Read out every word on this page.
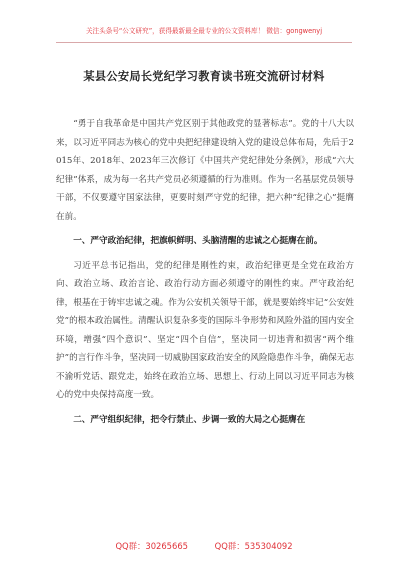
关注头条号“公文研究”，获得最新最全最专业的公文资料库！ 微信：gongwenyj
某县公安局长党纪学习教育读书班交流研讨材料

“勇于自我革命是中国共产党区别于其他政党的显著标志”。党的十八大以来，以习近平同志为核心的党中央把纪律建设纳入党的建设总体布局，先后于2015年、2018年、2023年三次修订《中国共产党纪律处分条例》，形成“六大纪律”体系，成为每一名共产党员必须遵循的行为准则。作为一名基层党员领导干部，不仅要遵守国家法律，更要时刻严守党的纪律，把六种“纪律之心”挺膺在前。

一、严守政治纪律，把旗帜鲜明、头脑清醒的忠诚之心挺膺在前。

习近平总书记指出，党的纪律是刚性约束，政治纪律更是全党在政治方向、政治立场、政治言论、政治行动方面必须遵守的刚性约束。严守政治纪律，根基在于铸牢忠诚之魂。作为公安机关领导干部，就是要始终牢记“公安姓党”的根本政治属性。清醒认识复杂多变的国际斗争形势和风险外溢的国内安全环境，增强“四个意识”、坚定“四个自信”，坚决同一切违背和损害“两个维护”的言行作斗争，坚决同一切威胁国家政治安全的风险隐患作斗争，确保无志不渝听党话、跟党走，始终在政治立场、思想上、行动上同以习近平同志为核心的党中央保持高度一致。

二、严守组织纪律，把令行禁止、步调一致的大局之心挺膺在

QQ群：30265665	QQ群：535304092
